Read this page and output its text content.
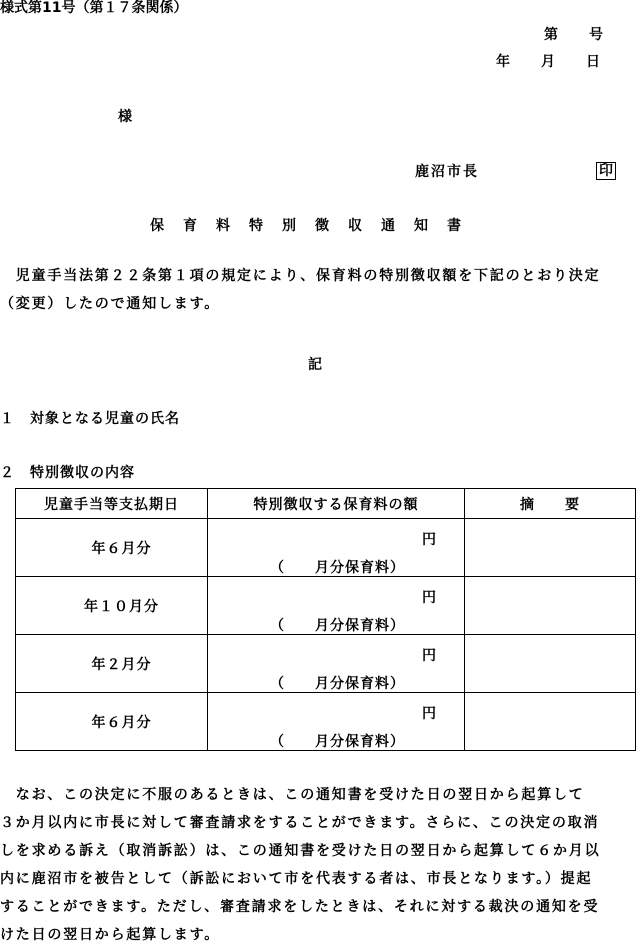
様式第11号（第１７条関係）
第　　号
年　　月　　日
様
鹿沼市長	印
保育料特別徴収通知書
　児童手当法第２２条第１項の規定により、保育料の特別徴収額を下記のとおり決定
（変更）したので通知します。
記
１　対象となる児童の氏名
２　特別徴収の内容
児童手当等支払期日	特別徴収する保育料の額	摘　　要
年６月分	円
（　　月分保育料）	

年１０月分	円
（　　月分保育料）	

年２月分	円
（　　月分保育料）	

年６月分	円
（　　月分保育料）	

　なお、この決定に不服のあるときは、この通知書を受けた日の翌日から起算して
３か月以内に市長に対して審査請求をすることができます。さらに、この決定の取消
しを求める訴え（取消訴訟）は、この通知書を受けた日の翌日から起算して６か月以
内に鹿沼市を被告として（訴訟において市を代表する者は、市長となります。）提起
することができます。ただし、審査請求をしたときは、それに対する裁決の通知を受
けた日の翌日から起算します。
